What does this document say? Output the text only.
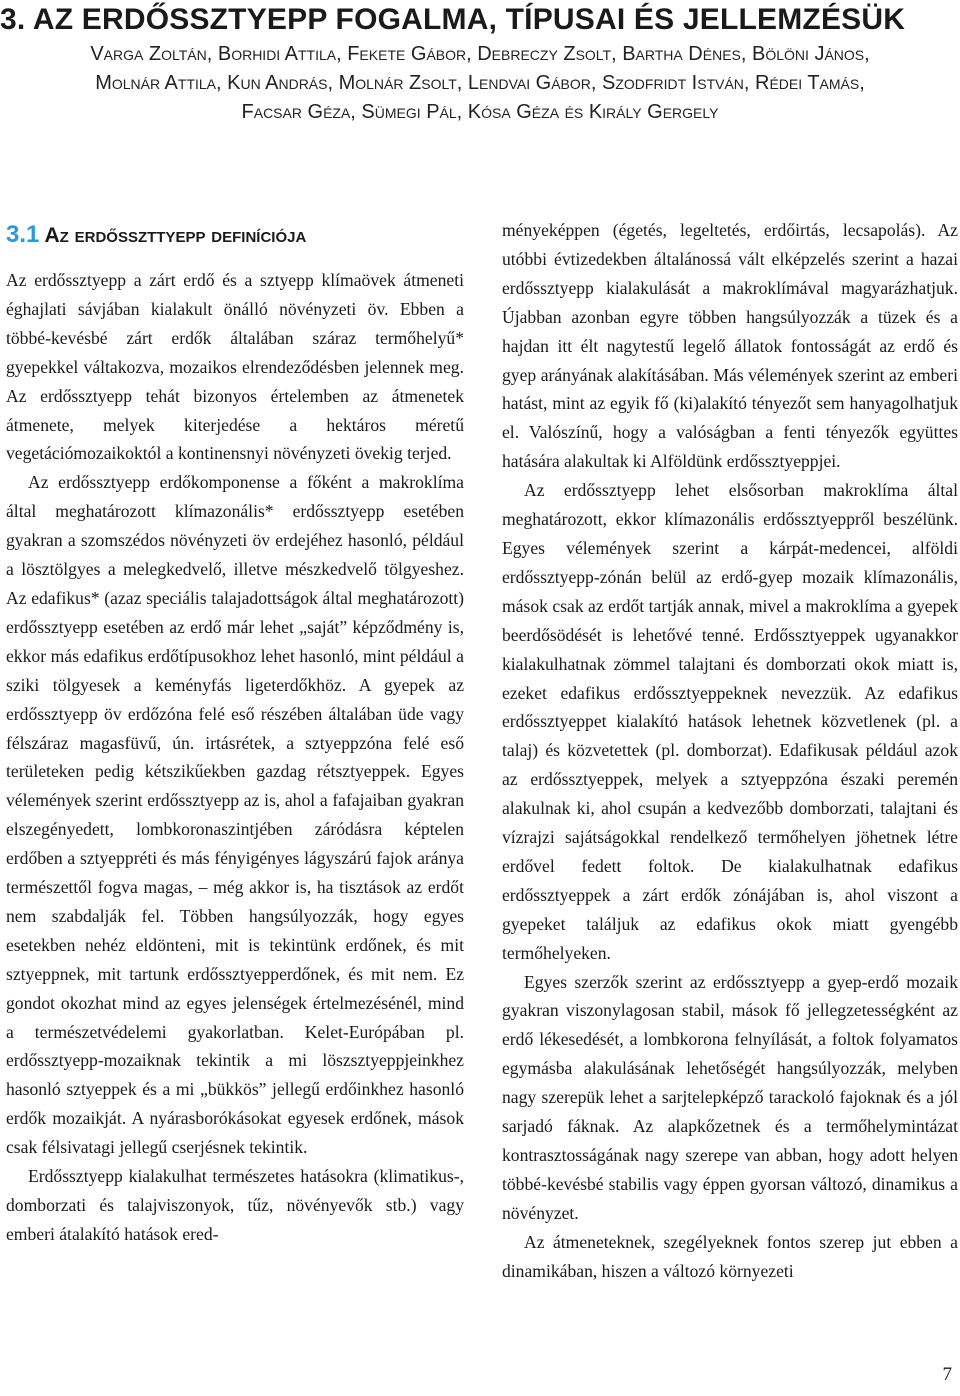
3. AZ ERDŐSSZTYEPP FOGALMA, TÍPUSAI ÉS JELLEMZÉSÜK
Varga Zoltán, Borhidi Attila, Fekete Gábor, Debreczy Zsolt, Bartha Dénes, Bölöni János,
Molnár Attila, Kun András, Molnár Zsolt, Lendvai Gábor, Szodfridt István, Rédei Tamás,
Facsar Géza, Sümegi Pál, Kósa Géza és Király Gergely
3.1 Az erdősszttyepp definíciója

Az erdőssztyepp a zárt erdő és a sztyepp klímaövek átmeneti éghajlati sávjában kialakult önálló növényzeti öv. Ebben a többé-kevésbé zárt erdők általában száraz termőhelyű* gyepekkel váltakozva, mozaikos elrendeződésben jelennek meg. Az erdőssztyepp tehát bizonyos értelemben az átmenetek átmenete, melyek kiterjedése a hektáros méretű vegetációmozaikoktól a kontinensnyi növényzeti övekig terjed.

Az erdőssztyepp erdőkomponense a főként a makroklíma által meghatározott klímazonális* erdőssztyepp esetében gyakran a szomszédos növényzeti öv erdejéhez hasonló, például a lösztölgyes a melegkedvelő, illetve mészkedvelő tölgyeshez. Az edafikus* (azaz speciális talajadottságok által meghatározott) erdőssztyepp esetében az erdő már lehet „saját” képződmény is, ekkor más edafikus erdőtípusokhoz lehet hasonló, mint például a sziki tölgyesek a keményfás ligeterdőkhöz. A gyepek az erdőssztyepp öv erdőzóna felé eső részében általában üde vagy félszáraz magasfüvű, ún. irtásrétek, a sztyeppzóna felé eső területeken pedig kétszikűekben gazdag rétsztyeppek. Egyes vélemények szerint erdőssztyepp az is, ahol a fafajaiban gyakran elszegényedett, lombkoronaszintjében záródásra képtelen erdőben a sztyeppréti és más fényigényes lágyszárú fajok aránya természettől fogva magas, – még akkor is, ha tisztások az erdőt nem szabdalják fel. Többen hangsúlyozzák, hogy egyes esetekben nehéz eldönteni, mit is tekintünk erdőnek, és mit sztyeppnek, mit tartunk erdőssztyepperdőnek, és mit nem. Ez gondot okozhat mind az egyes jelenségek értelmezésénél, mind a természetvédelemi gyakorlatban. Kelet-Európában pl. erdőssztyepp-mozaiknak tekintik a mi löszsztyeppjeinkhez hasonló sztyeppek és a mi „bükkös” jellegű erdőinkhez hasonló erdők mozaikját. A nyárasborókásokat egyesek erdőnek, mások csak félsivatagi jellegű cserjésnek tekintik.

Erdőssztyepp kialakulhat természetes hatásokra (klimatikus-, domborzati és talajviszonyok, tűz, növényevők stb.) vagy emberi átalakító hatások ered-

ményeképpen (égetés, legeltetés, erdőirtás, lecsapolás). Az utóbbi évtizedekben általánossá vált elképzelés szerint a hazai erdőssztyepp kialakulását a makroklímával magyarázhatjuk. Újabban azonban egyre többen hangsúlyozzák a tüzek és a hajdan itt élt nagytestű legelő állatok fontosságát az erdő és gyep arányának alakításában. Más vélemények szerint az emberi hatást, mint az egyik fő (ki)alakító tényezőt sem hanyagolhatjuk el. Valószínű, hogy a valóságban a fenti tényezők együttes hatására alakultak ki Alföldünk erdőssztyeppjei.

Az erdőssztyepp lehet elsősorban makroklíma által meghatározott, ekkor klímazonális erdőssztyeppről beszélünk. Egyes vélemények szerint a kárpát-medencei, alföldi erdőssztyepp-zónán belül az erdő-gyep mozaik klímazonális, mások csak az erdőt tartják annak, mivel a makroklíma a gyepek beerdősödését is lehetővé tenné. Erdőssztyeppek ugyanakkor kialakulhatnak zömmel talajtani és domborzati okok miatt is, ezeket edafikus erdőssztyeppeknek nevezzük. Az edafikus erdőssztyeppet kialakító hatások lehetnek közvetlenek (pl. a talaj) és közvetettek (pl. domborzat). Edafikusak például azok az erdőssztyeppek, melyek a sztyeppzóna északi peremén alakulnak ki, ahol csupán a kedvezőbb domborzati, talajtani és vízrajzi sajátságokkal rendelkező termőhelyen jöhetnek létre erdővel fedett foltok. De kialakulhatnak edafikus erdőssztyeppek a zárt erdők zónájában is, ahol viszont a gyepeket találjuk az edafikus okok miatt gyengébb termőhelyeken.

Egyes szerzők szerint az erdőssztyepp a gyep-erdő mozaik gyakran viszonylagosan stabil, mások fő jellegzetességként az erdő lékesedését, a lombkorona felnyílását, a foltok folyamatos egymásba alakulásának lehetőségét hangsúlyozzák, melyben nagy szerepük lehet a sarjtelepképző tarackoló fajoknak és a jól sarjadó fáknak. Az alapkőzetnek és a termőhelymintázat kontrasztosságának nagy szerepe van abban, hogy adott helyen többé-kevésbé stabilis vagy éppen gyorsan változó, dinamikus a növényzet.

Az átmeneteknek, szegélyeknek fontos szerep jut ebben a dinamikában, hiszen a változó környezeti

7
